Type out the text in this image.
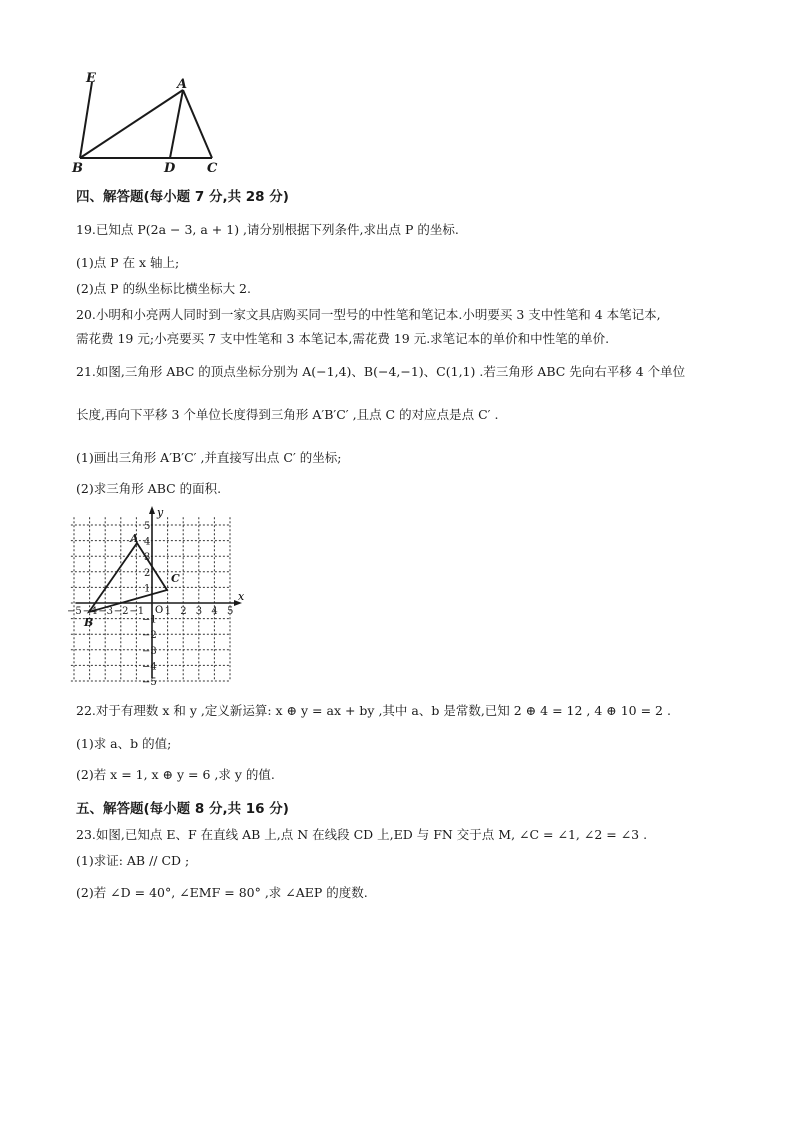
E	A
B	D C
四、解答题(每小题 7 分,共 28 分)
19.已知点 P(2a − 3, a + 1) ,请分别根据下列条件,求出点 P 的坐标.
(1)点 P 在 x 轴上;
(2)点 P 的纵坐标比横坐标大 2.
20.小明和小亮两人同时到一家文具店购买同一型号的中性笔和笔记本.小明要买 3 支中性笔和 4 本笔记本,
需花费 19 元;小亮要买 7 支中性笔和 3 本笔记本,需花费 19 元.求笔记本的单价和中性笔的单价.
21.如图,三角形 ABC 的顶点坐标分别为 A(−1,4)、B(−4,−1)、C(1,1) .若三角形 ABC 先向右平移 4 个单位
长度,再向下平移 3 个单位长度得到三角形 A′B′C′ ,且点 C 的对应点是点 C′ .
(1)画出三角形 A′B′C′ ,并直接写出点 C′ 的坐标;
(2)求三角形 ABC 的面积.
x
y
−5 −4 −3 −2 −1 1 2 3 4 5
5
4
3
2
1
−1
−2
−3
−4
−5
O
A
B
C
22.对于有理数 x 和 y ,定义新运算: x ⊕ y = ax + by ,其中 a、b 是常数,已知 2 ⊕ 4 = 12 , 4 ⊕ 10 = 2 .
(1)求 a、b 的值;
(2)若 x = 1, x ⊕ y = 6 ,求 y 的值.
五、解答题(每小题 8 分,共 16 分)
23.如图,已知点 E、F 在直线 AB 上,点 N 在线段 CD 上,ED 与 FN 交于点 M, ∠C = ∠1, ∠2 = ∠3 .
(1)求证: AB // CD ;
(2)若 ∠D = 40°, ∠EMF = 80° ,求 ∠AEP 的度数.
